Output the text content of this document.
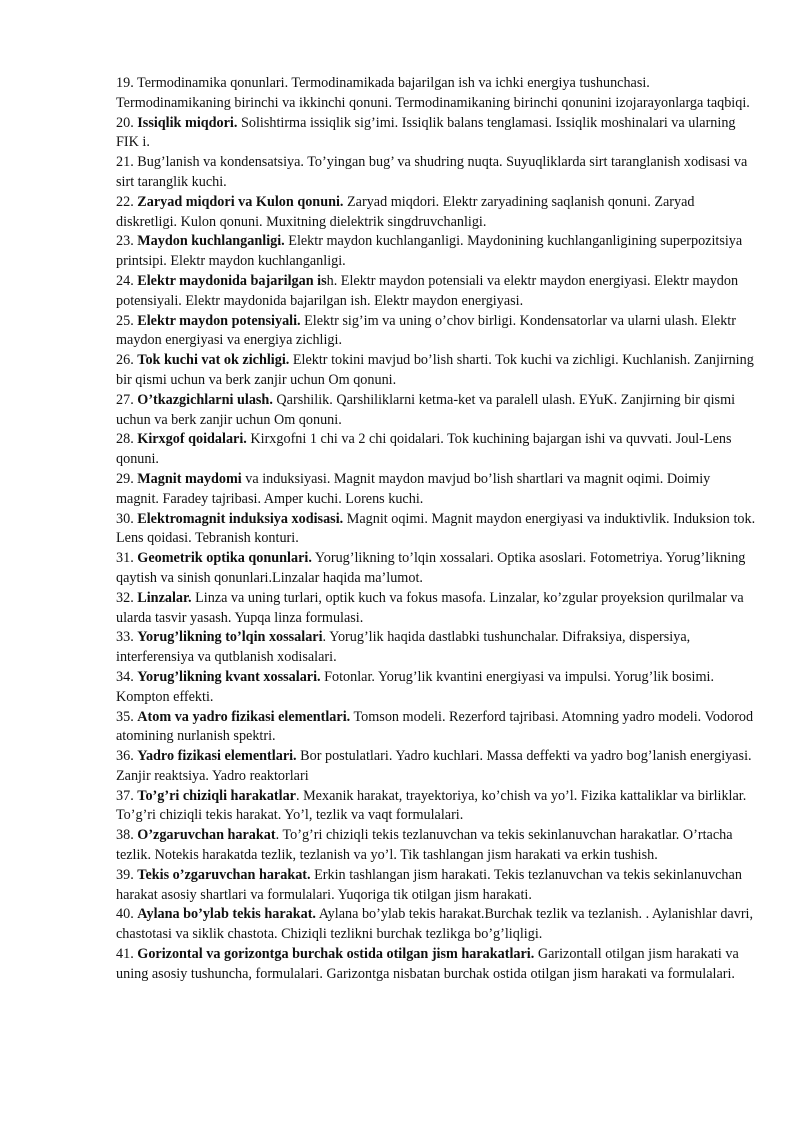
19. Termodinamika qonunlari. Termodinamikada bajarilgan ish va ichki energiya tushunchasi. Termodinamikaning birinchi va ikkinchi qonuni. Termodinamikaning birinchi qonunini izojarayonlarga taqbiqi.

20. Issiqlik miqdori. Solishtirma issiqlik sig’imi. Issiqlik balans tenglamasi. Issiqlik moshinalari va ularning FIK i.

21. Bug’lanish va kondensatsiya. To’yingan bug’ va shudring nuqta. Suyuqliklarda sirt taranglanish xodisasi va sirt taranglik kuchi.

22. Zaryad miqdori va Kulon qonuni. Zaryad miqdori. Elektr zaryadining saqlanish qonuni. Zaryad diskretligi. Kulon qonuni. Muxitning dielektrik singdruvchanligi.

23. Maydon kuchlanganligi. Elektr maydon kuchlanganligi. Maydonining kuchlanganligining superpozitsiya printsipi. Elektr maydon kuchlanganligi.

24. Elektr maydonida bajarilgan ish. Elektr maydon potensiali va elektr maydon energiyasi. Elektr maydon potensiyali. Elektr maydonida bajarilgan ish. Elektr maydon energiyasi.

25. Elektr maydon potensiyali. Elektr sig’im va uning o’chov birligi. Kondensatorlar va ularni ulash. Elektr maydon energiyasi va energiya zichligi.

26. Tok kuchi vat ok zichligi. Elektr tokini mavjud bo’lish sharti. Tok kuchi va zichligi. Kuchlanish. Zanjirning bir qismi uchun va berk zanjir uchun Om qonuni.

27. O’tkazgichlarni ulash. Qarshilik. Qarshiliklarni ketma-ket va paralell ulash. EYuK. Zanjirning bir qismi uchun va berk zanjir uchun Om qonuni.

28. Kirxgof qoidalari. Kirxgofni 1 chi va 2 chi qoidalari. Tok kuchining bajargan ishi va quvvati. Joul-Lens qonuni.

29. Magnit maydomi va induksiyasi. Magnit maydon mavjud bo’lish shartlari va magnit oqimi. Doimiy magnit. Faradey tajribasi. Amper kuchi. Lorens kuchi.

30. Elektromagnit induksiya xodisasi. Magnit oqimi. Magnit maydon energiyasi va induktivlik. Induksion tok. Lens qoidasi. Tebranish konturi.

31. Geometrik optika qonunlari. Yorug’likning to’lqin xossalari. Optika asoslari. Fotometriya. Yorug’likning qaytish va sinish qonunlari.Linzalar haqida ma’lumot.

32. Linzalar. Linza va uning turlari, optik kuch va fokus masofa. Linzalar, ko’zgular proyeksion qurilmalar va ularda tasvir yasash. Yupqa linza formulasi.

33. Yorug’likning to’lqin xossalari. Yorug’lik haqida dastlabki tushunchalar. Difraksiya, dispersiya, interferensiya va qutblanish xodisalari.

34. Yorug’likning kvant xossalari. Fotonlar. Yorug’lik kvantini energiyasi va impulsi. Yorug’lik bosimi. Kompton effekti.

35. Atom va yadro fizikasi elementlari. Tomson modeli. Rezerford tajribasi. Atomning yadro modeli. Vodorod atomining nurlanish spektri.

36. Yadro fizikasi elementlari. Bor postulatlari. Yadro kuchlari. Massa deffekti va yadro bog’lanish energiyasi. Zanjir reaktsiya. Yadro reaktorlari

37. To’g’ri chiziqli harakatlar. Mexanik harakat, trayektoriya, ko’chish va yo’l. Fizika kattaliklar va birliklar. To’g’ri chiziqli tekis harakat. Yo’l, tezlik va vaqt formulalari.

38. O’zgaruvchan harakat. To’g’ri chiziqli tekis tezlanuvchan va tekis sekinlanuvchan harakatlar. O’rtacha tezlik. Notekis harakatda tezlik, tezlanish va yo’l. Tik tashlangan jism harakati va erkin tushish.

39. Tekis o’zgaruvchan harakat. Erkin tashlangan jism harakati. Tekis tezlanuvchan va tekis sekinlanuvchan harakat asosiy shartlari va formulalari. Yuqoriga tik otilgan jism harakati.

40. Aylana bo’ylab tekis harakat. Aylana bo’ylab tekis harakat.Burchak tezlik va tezlanish. . Aylanishlar davri, chastotasi va siklik chastota. Chiziqli tezlikni burchak tezlikga bo’g’liqligi.

41. Gorizontal va gorizontga burchak ostida otilgan jism harakatlari. Garizontall otilgan jism harakati va uning asosiy tushuncha, formulalari. Garizontga nisbatan burchak ostida otilgan jism harakati va formulalari.
